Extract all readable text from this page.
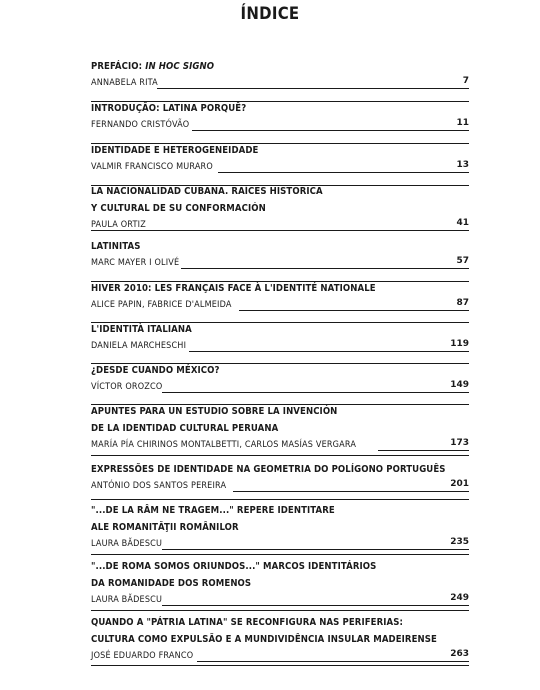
ÍNDICE
PREFÁCIO: IN HOC SIGNO
ANNABELA RITA	7
INTRODUÇÃO: LATINA PORQUÊ?
FERNANDO CRISTÓVÃO	11
IDENTIDADE E HETEROGENEIDADE
VALMIR FRANCISCO MURARO	13
LA NACIONALIDAD CUBANA. RAÍCES HISTORICA
Y CULTURAL DE SU CONFORMACIÓN
PAULA ORTIZ	41
LATINITAS
MARC MAYER I OLIVÉ	57
HIVER 2010: LES FRANÇAIS FACE À L'IDENTITÉ NATIONALE
ALICE PAPIN, FABRICE D'ALMEIDA	87
L'IDENTITÀ ITALIANA
DANIELA MARCHESCHI	119
¿DESDE CUANDO MÉXICO?
VÍCTOR OROZCO	149
APUNTES PARA UN ESTUDIO SOBRE LA INVENCIÓN
DE LA IDENTIDAD CULTURAL PERUANA
MARÍA PÍA CHIRINOS MONTALBETTI, CARLOS MASÍAS VERGARA	173
EXPRESSÕES DE IDENTIDADE NA GEOMETRIA DO POLÍGONO PORTUGUÊS
ANTÓNIO DOS SANTOS PEREIRA	201
"...DE LA RÂM NE TRAGEM..." REPERE IDENTITARE
ALE ROMANITĂŢII ROMÂNILOR
LAURA BĂDESCU	235
"...DE ROMA SOMOS ORIUNDOS..." MARCOS IDENTITÁRIOS
DA ROMANIDADE DOS ROMENOS
LAURA BĂDESCU	249
QUANDO A "PÁTRIA LATINA" SE RECONFIGURA NAS PERIFERIAS:
CULTURA COMO EXPULSÃO E A MUNDIVIDÊNCIA INSULAR MADEIRENSE
JOSÉ EDUARDO FRANCO	263
